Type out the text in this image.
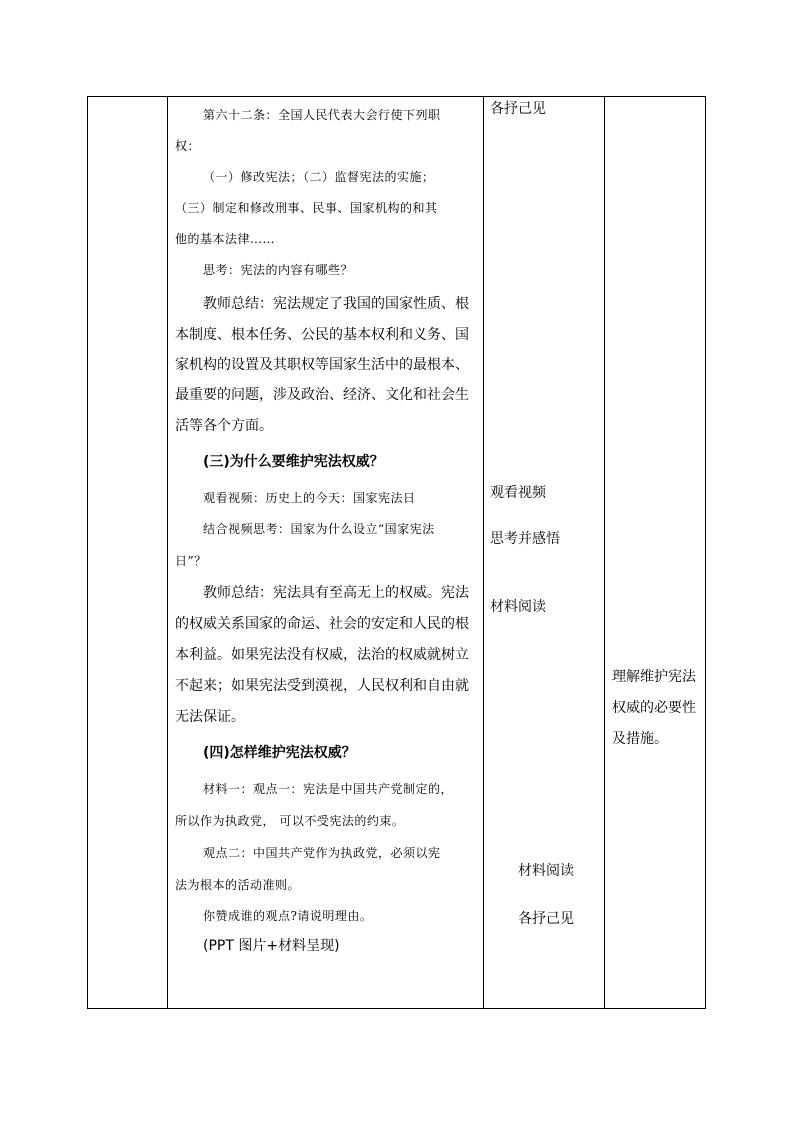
第六十二条：全国人民代表大会行使下列职
权：
（一）修改宪法；（二）监督宪法的实施；
（三）制定和修改刑事、民事、国家机构的和其
他的基本法律……
思考：宪法的内容有哪些？
教师总结：宪法规定了我国的国家性质、根
本制度、根本任务、公民的基本权利和义务、国
家机构的设置及其职权等国家生活中的最根本、
最重要的问题，涉及政治、经济、文化和社会生
活等各个方面。
(三)为什么要维护宪法权威？
观看视频：历史上的今天：国家宪法日
结合视频思考：国家为什么设立“国家宪法
日”？
教师总结：宪法具有至高无上的权威。宪法
的权威关系国家的命运、社会的安定和人民的根
本利益。如果宪法没有权威，法治的权威就树立
不起来；如果宪法受到漠视，人民权利和自由就
无法保证。
(四)怎样维护宪法权威？
材料一：观点一：宪法是中国共产党制定的，
所以作为执政党， 可以不受宪法的约束。
观点二：中国共产党作为执政党，必须以宪
法为根本的活动准则。
你赞成谁的观点?请说明理由。
(PPT 图片+材料呈现)
各抒己见
观看视频
思考并感悟
材料阅读
材料阅读
各抒己见
理解维护宪法
权威的必要性
及措施。
